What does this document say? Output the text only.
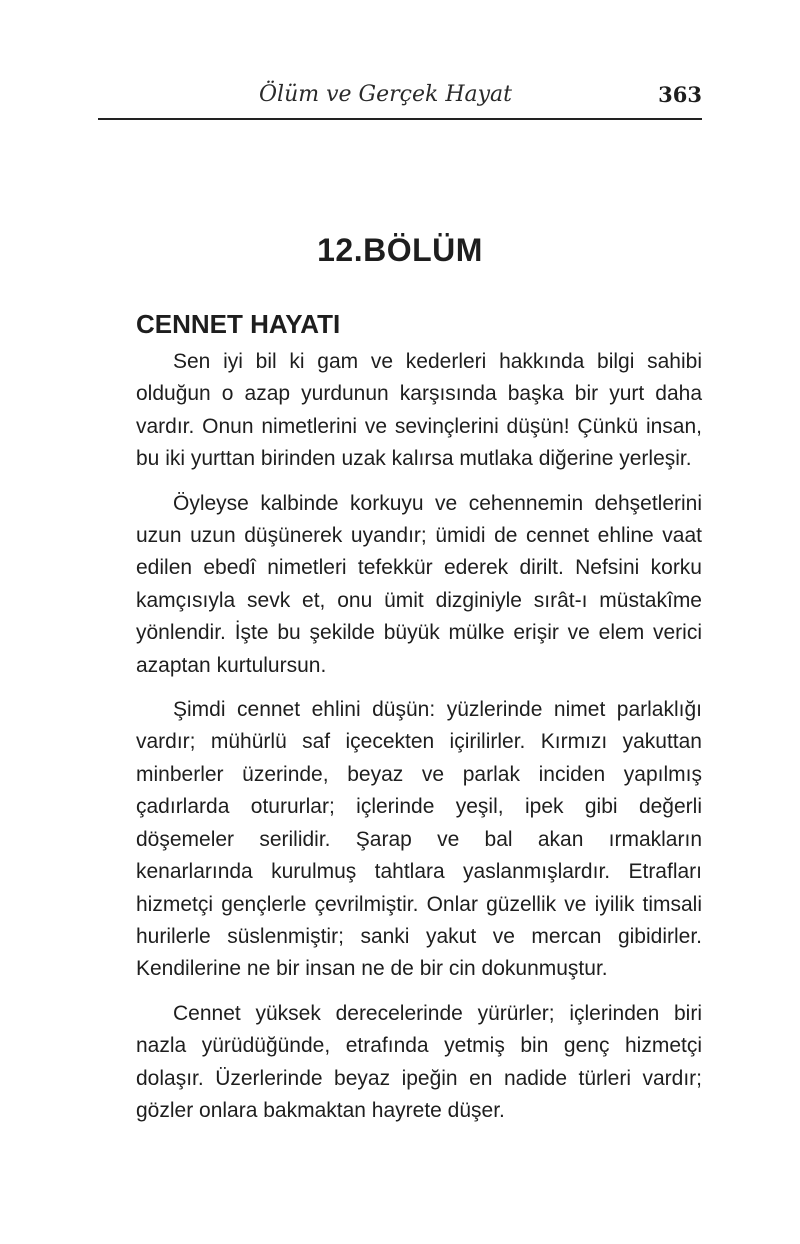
Ölüm ve Gerçek Hayat	363
12.BÖLÜM
CENNET HAYATI

Sen iyi bil ki gam ve kederleri hakkında bilgi sahibi olduğun o azap yurdunun karşısında başka bir yurt daha vardır. Onun nimetlerini ve sevinçlerini düşün! Çünkü insan, bu iki yurttan birinden uzak kalırsa mutlaka diğerine yerleşir.

Öyleyse kalbinde korkuyu ve cehennemin dehşetlerini uzun uzun düşünerek uyandır; ümidi de cennet ehline vaat edilen ebedî nimetleri tefekkür ederek dirilt. Nefsini korku kamçısıyla sevk et, onu ümit dizginiyle sırât-ı müstakîme yönlendir. İşte bu şekilde büyük mülke erişir ve elem verici azaptan kurtulursun.

Şimdi cennet ehlini düşün: yüzlerinde nimet parlaklığı vardır; mühürlü saf içecekten içirilirler. Kırmızı yakuttan minberler üzerinde, beyaz ve parlak inciden yapılmış çadırlarda otururlar; içlerinde yeşil, ipek gibi değerli döşemeler serilidir. Şarap ve bal akan ırmakların kenarlarında kurulmuş tahtlara yaslanmışlardır. Etrafları hizmetçi gençlerle çevrilmiştir. Onlar güzellik ve iyilik timsali hurilerle süslenmiştir; sanki yakut ve mercan gibidirler. Kendilerine ne bir insan ne de bir cin dokunmuştur.

Cennet yüksek derecelerinde yürürler; içlerinden biri nazla yürüdüğünde, etrafında yetmiş bin genç hizmetçi dolaşır. Üzerlerinde beyaz ipeğin en nadide türleri vardır; gözler onlara bakmaktan hayrete düşer.
